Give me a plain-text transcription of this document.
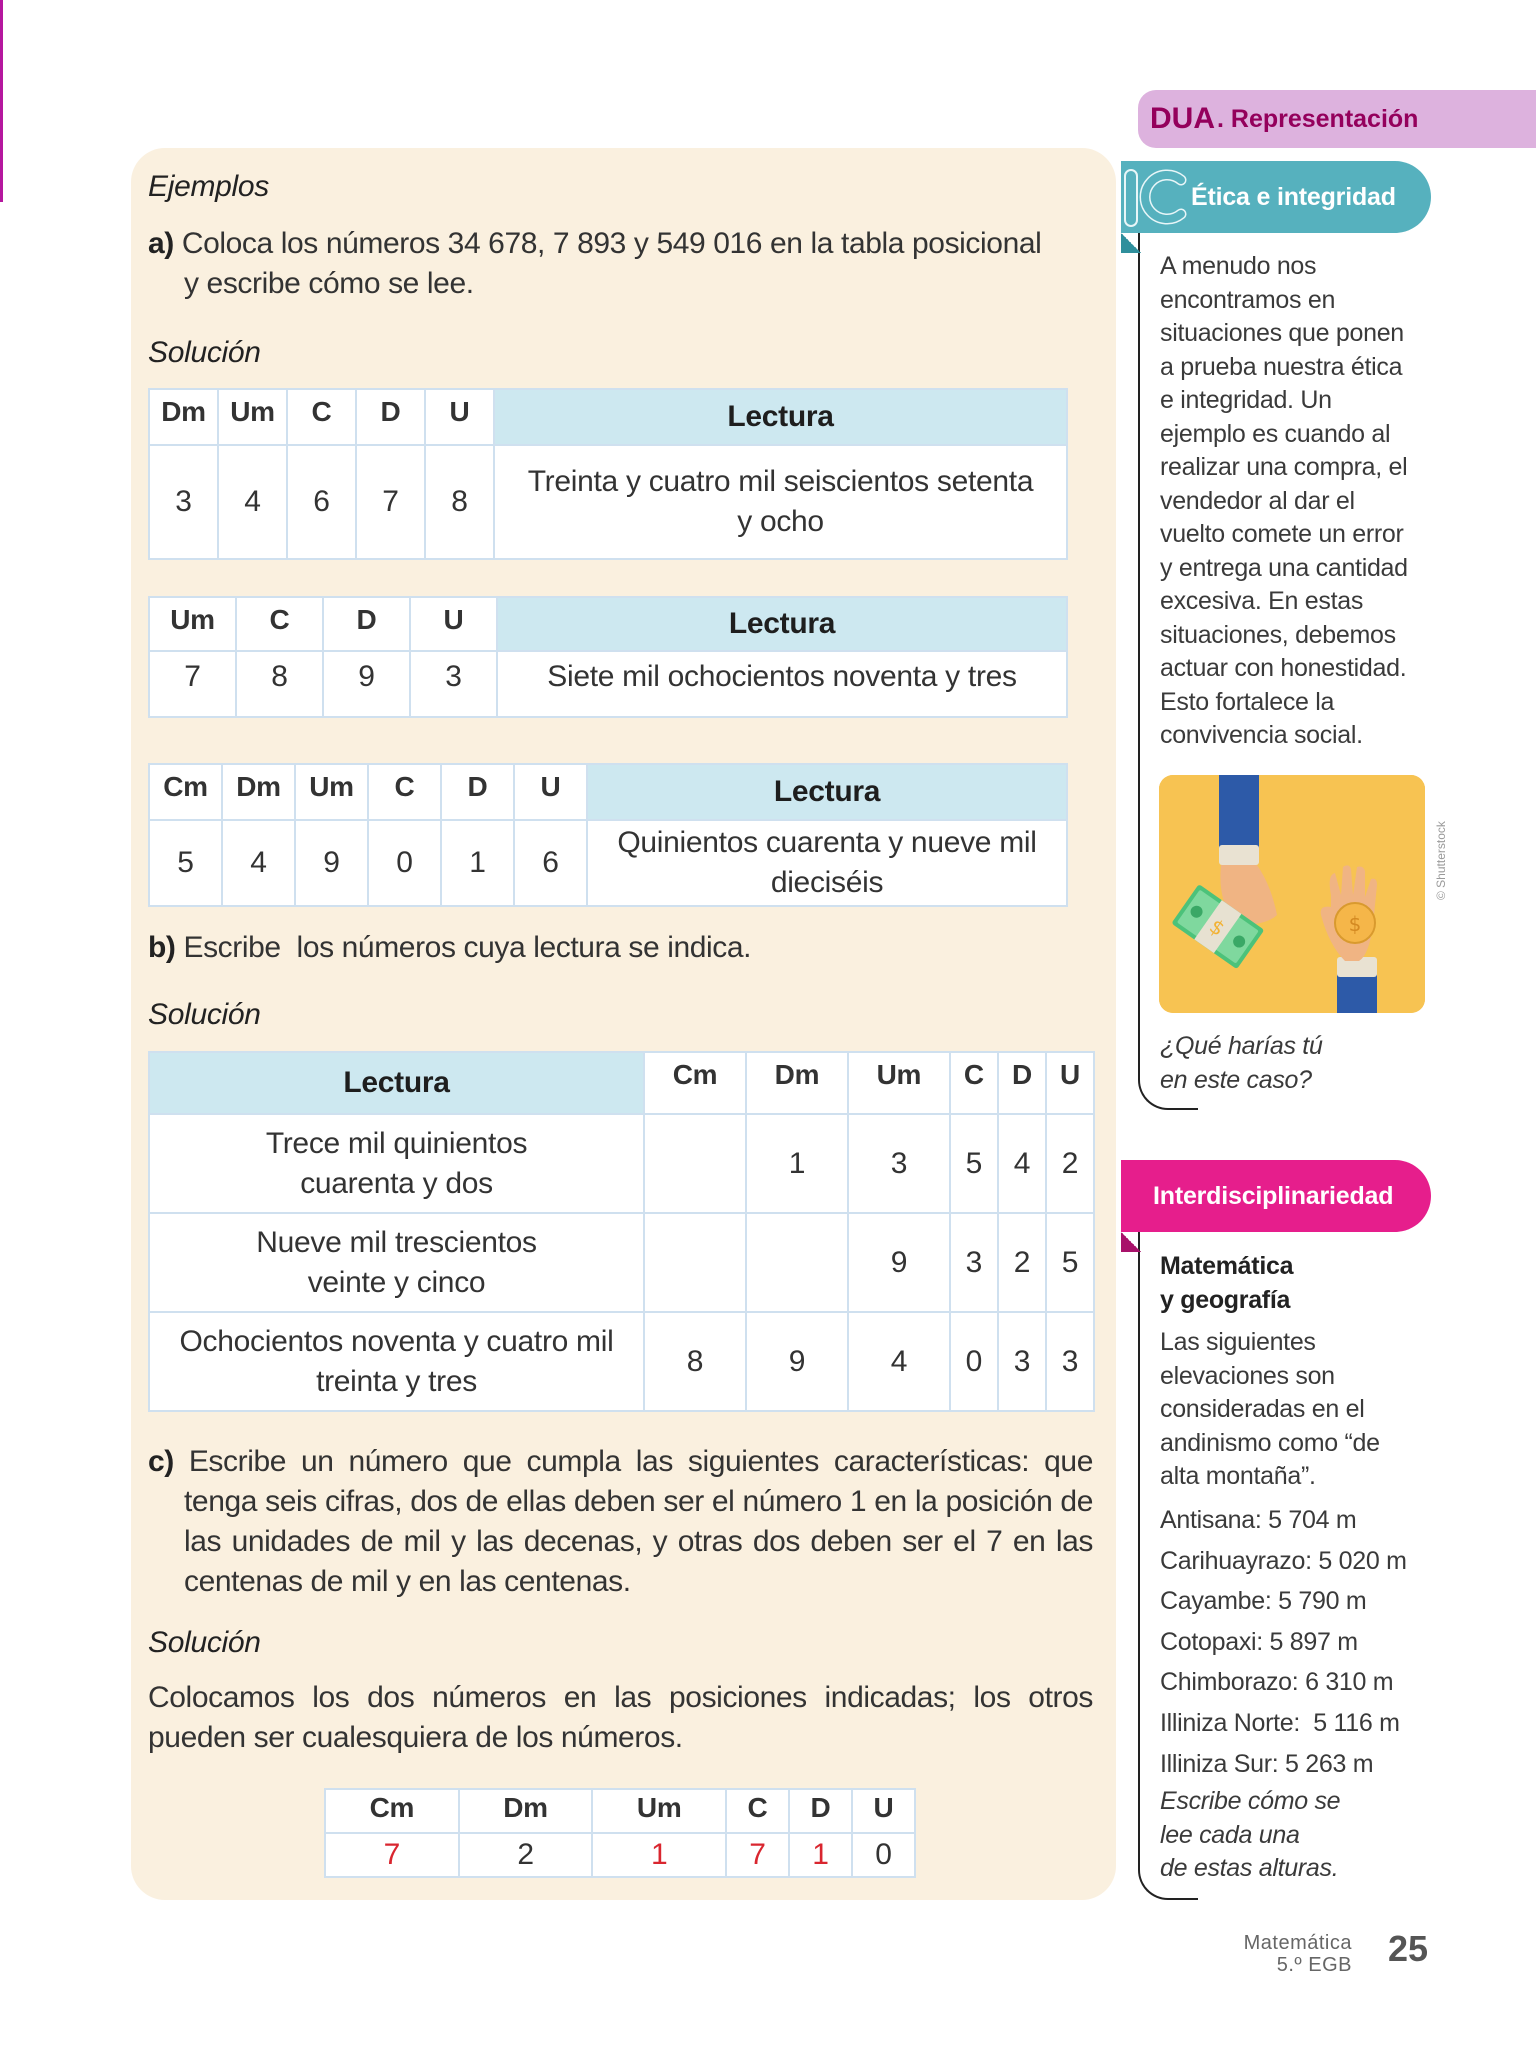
Ejemplos
a) Coloca los números 34 678, 7 893 y 549 016 en la tabla posicional
y escribe cómo se lee.
Solución
Dm	Um	C	D	U	Lectura
3	4	6	7	8	Treinta y cuatro mil seiscientos setenta
y ocho
Um	C	D	U	Lectura
7	8	9	3	Siete mil ochocientos noventa y tres
Cm	Dm	Um	C	D	U	Lectura
5	4	9	0	1	6	Quinientos cuarenta y nueve mil
dieciséis
b) Escribe  los números cuya lectura se indica.
Solución
Lectura	Cm	Dm	Um	C	D	U
Trece mil quinientos
cuarenta y dos		1	3	5	4	2
Nueve mil trescientos
veinte y cinco			9	3	2	5
Ochocientos noventa y cuatro mil
treinta y tres	8	9	4	0	3	3
c) Escribe un número que cumpla las siguientes características: que tenga seis cifras, dos de ellas deben ser el número 1 en la posición de las unidades de mil y las decenas, y otras dos deben ser el 7 en las centenas de mil y en las centenas.
Solución
Colocamos los dos números en las posiciones indicadas; los otros pueden ser cualesquiera de los números.
Cm	Dm	Um	C	D	U
7	2	1	7	1	0
DUA . Representación
Ética e integridad
A menudo nos
encontramos en
situaciones que ponen
a prueba nuestra ética
e integridad. Un
ejemplo es cuando al
realizar una compra, el
vendedor al dar el
vuelto comete un error
y entrega una cantidad
excesiva. En estas
situaciones, debemos
actuar con honestidad.
Esto fortalece la
convivencia social.
$	$
© Shutterstock
¿Qué harías tú
en este caso?
Interdisciplinariedad
Matemática
y geografía
Las siguientes
elevaciones son
consideradas en el
andinismo como “de
alta montaña”.
Antisana: 5 704 m
Carihuayrazo: 5 020 m
Cayambe: 5 790 m
Cotopaxi: 5 897 m
Chimborazo: 6 310 m
Illiniza Norte:  5 116 m
Illiniza Sur: 5 263 m
Escribe cómo se
lee cada una
de estas alturas.
Matemática
5.º EGB 25
